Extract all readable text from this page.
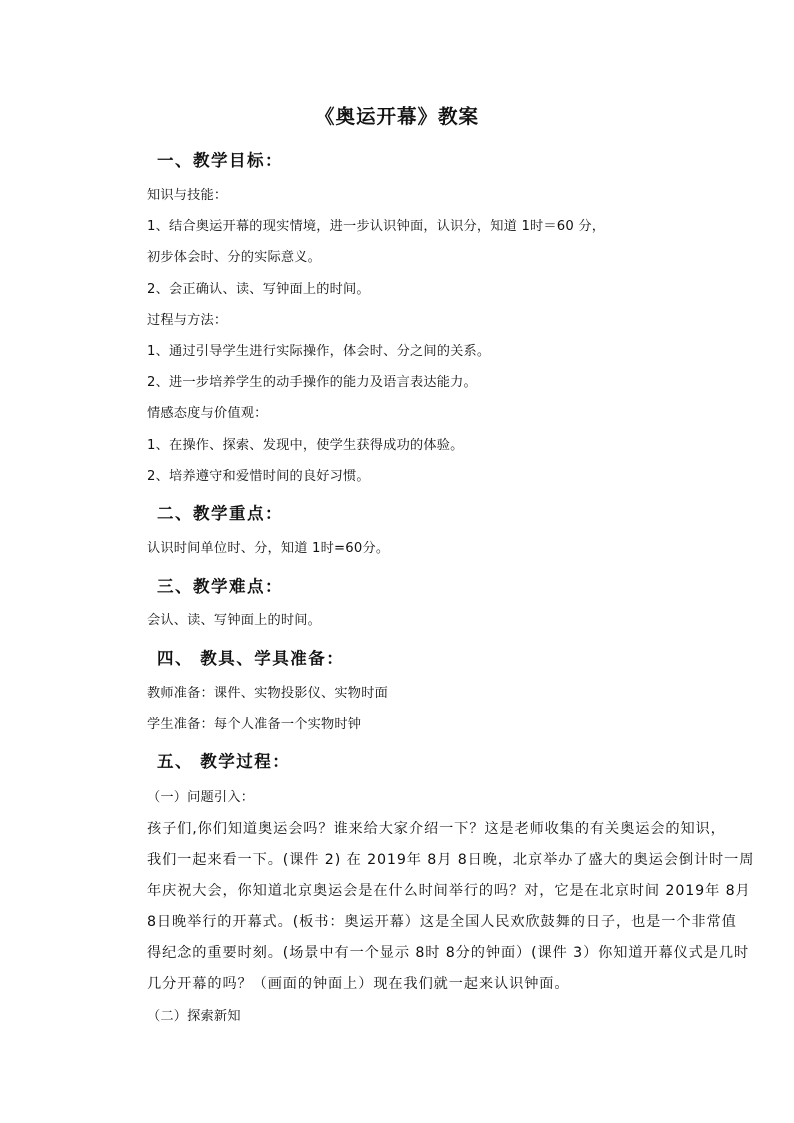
《奥运开幕》教案
一、教学目标：
知识与技能：
1、结合奥运开幕的现实情境，进一步认识钟面，认识分，知道 1时＝60 分，
初步体会时、分的实际意义。
2、会正确认、读、写钟面上的时间。
过程与方法：
1、通过引导学生进行实际操作，体会时、分之间的关系。
2、进一步培养学生的动手操作的能力及语言表达能力。
情感态度与价值观：
1、在操作、探索、发现中，使学生获得成功的体验。
2、培养遵守和爱惜时间的良好习惯。
二、教学重点：
认识时间单位时、分，知道 1时=60分。
三、教学难点：
会认、读、写钟面上的时间。
四、 教具、学具准备：
教师准备：课件、实物投影仪、实物时面
学生准备：每个人准备一个实物时钟
五、 教学过程：
（一）问题引入：
孩子们,你们知道奥运会吗？谁来给大家介绍一下？这是老师收集的有关奥运会的知识，
我们一起来看一下。(课件 2) 在 2019年 8月 8日晚，北京举办了盛大的奥运会倒计时一周
年庆祝大会，你知道北京奥运会是在什么时间举行的吗？对，它是在北京时间 2019年 8月
8日晚举行的开幕式。(板书：奥运开幕）这是全国人民欢欣鼓舞的日子，也是一个非常值
得纪念的重要时刻。(场景中有一个显示 8时 8分的钟面）(课件 3）你知道开幕仪式是几时
几分开幕的吗？（画面的钟面上）现在我们就一起来认识钟面。
（二）探索新知
